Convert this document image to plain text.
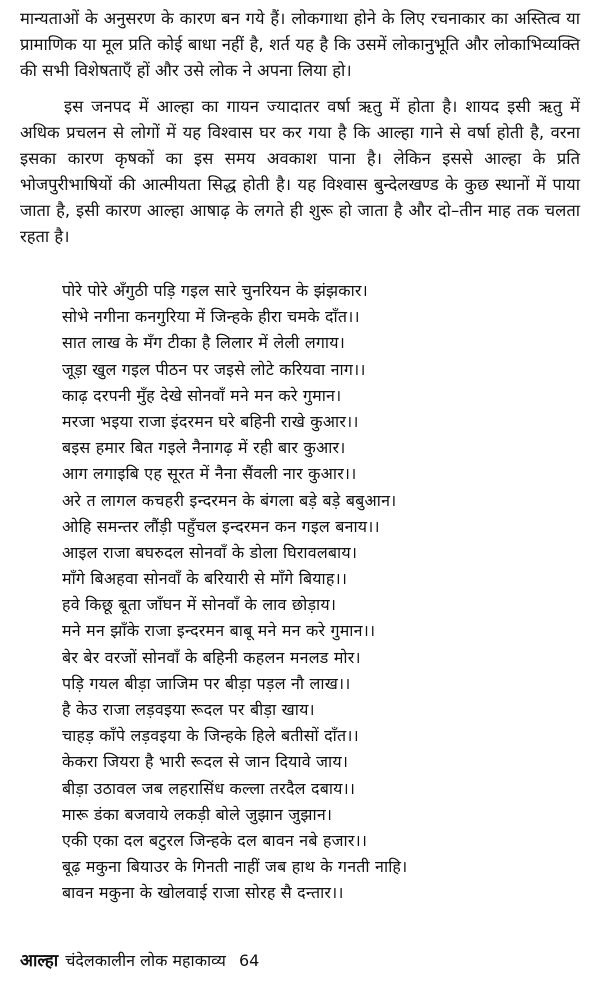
मान्यताओं के अनुसरण के कारण बन गये हैं। लोकगाथा होने के लिए रचनाकार का अस्तित्व या प्रामाणिक या मूल प्रति कोई बाधा नहीं है, शर्त यह है कि उसमें लोकानुभूति और लोकाभिव्यक्ति की सभी विशेषताएँ हों और उसे लोक ने अपना लिया हो।

इस जनपद में आल्हा का गायन ज्यादातर वर्षा ऋतु में होता है। शायद इसी ऋतु में अधिक प्रचलन से लोगों में यह विश्वास घर कर गया है कि आल्हा गाने से वर्षा होती है, वरना इसका कारण कृषकों का इस समय अवकाश पाना है। लेकिन इससे आल्हा के प्रति भोजपुरीभाषियों की आत्मीयता सिद्ध होती है। यह विश्वास बुन्देलखण्ड के कुछ स्थानों में पाया जाता है, इसी कारण आल्हा आषाढ़ के लगते ही शुरू हो जाता है और दो–तीन माह तक चलता रहता है।

पोरे पोरे अँगुठी पड़ि गइल सारे चुनरियन के झंझकार।
सोभे नगीना कनगुरिया में जिन्हके हीरा चमके दाँत।।
सात लाख के मँग टीका है लिलार में लेली लगाय।
जूड़ा खुल गइल पीठन पर जइसे लोटे करियवा नाग।।
काढ़ दरपनी मुँह देखे सोनवाँ मने मन करे गुमान।
मरजा भइया राजा इंदरमन घरे बहिनी राखे कुआर।।
बइस हमार बित गइले नैनागढ़ में रही बार कुआर।
आग लगाइबि एह सूरत में नैना सैंवली नार कुआर।।
अरे त लागल कचहरी इन्दरमन के बंगला बड़े बड़े बबुआन।
ओहि समन्तर लौंड़ी पहुँचल इन्दरमन कन गइल बनाय।।
आइल राजा बघरुदल सोनवाँ के डोला घिरावलबाय।
माँगे बिअहवा सोनवाँ के बरियारी से माँगे बियाह।।
हवे किछू बूता जाँघन में सोनवाँ के लाव छोड़ाय।
मने मन झाँके राजा इन्दरमन बाबू मने मन करे गुमान।।
बेर बेर वरजों सोनवाँ के बहिनी कहलन मनलड मोर।
पड़ि गयल बीड़ा जाजिम पर बीड़ा पड़ल नौ लाख।।
है केउ राजा लड़वइया रूदल पर बीड़ा खाय।
चाहड़ काँपे लड़वइया के जिन्हके हिले बतीसों दाँत।।
केकरा जियरा है भारी रूदल से जान दियावे जाय।
बीड़ा उठावल जब लहरासिंध कल्ला तरदैल दबाय।।
मारू डंका बजवाये लकड़ी बोले जुझान जुझान।
एकी एका दल बटुरल जिन्हके दल बावन नबे हजार।।
बूढ़ मकुना बियाउर के गिनती नाहीं जब हाथ के गनती नाहि।
बावन मकुना के खोलवाई राजा सोरह सै दन्तार।।
आल्हा चंदेलकालीन लोक महाकाव्य 64
